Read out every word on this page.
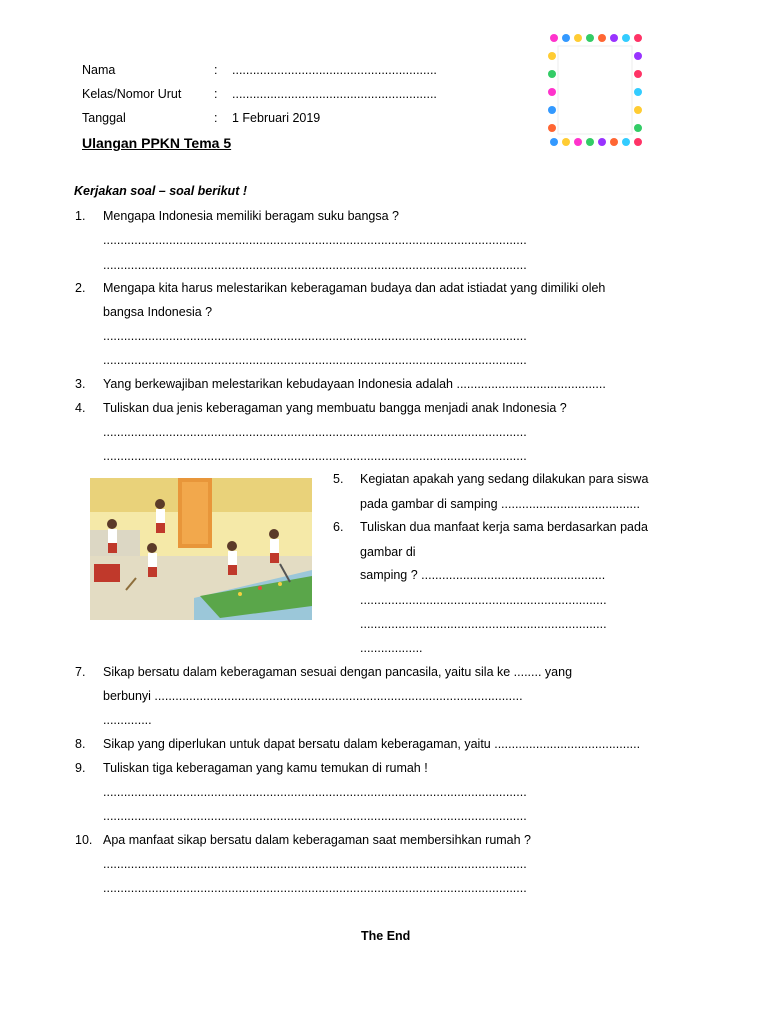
Nama	: ...........................................................
Kelas/Nomor Urut	: ...........................................................
Tanggal	: 1 Februari 2019
Ulangan PPKN Tema 5
Kerjakan soal – soal berikut !
1. Mengapa Indonesia memiliki beragam suku bangsa ?
..........................................................................................................................
..........................................................................................................................
2. Mengapa kita harus melestarikan keberagaman budaya dan adat istiadat yang dimiliki oleh
bangsa Indonesia ?
..........................................................................................................................
..........................................................................................................................
3. Yang berkewajiban melestarikan kebudayaan Indonesia adalah ...........................................
4. Tuliskan dua jenis keberagaman yang membuatu bangga menjadi anak Indonesia ?
..........................................................................................................................
..........................................................................................................................
5. Kegiatan apakah yang sedang dilakukan para siswa
pada gambar di samping ........................................
6. Tuliskan dua manfaat kerja sama berdasarkan pada
gambar di
samping ? .....................................................
.......................................................................
.......................................................................
..................
7. Sikap bersatu dalam keberagaman sesuai dengan pancasila, yaitu sila ke ........ yang
berbunyi ..........................................................................................................
..............
8. Sikap yang diperlukan untuk dapat bersatu dalam keberagaman, yaitu ..........................................
9. Tuliskan tiga keberagaman yang kamu temukan di rumah !
..........................................................................................................................
..........................................................................................................................
10. Apa manfaat sikap bersatu dalam keberagaman saat membersihkan rumah ?
..........................................................................................................................
..........................................................................................................................
The End
